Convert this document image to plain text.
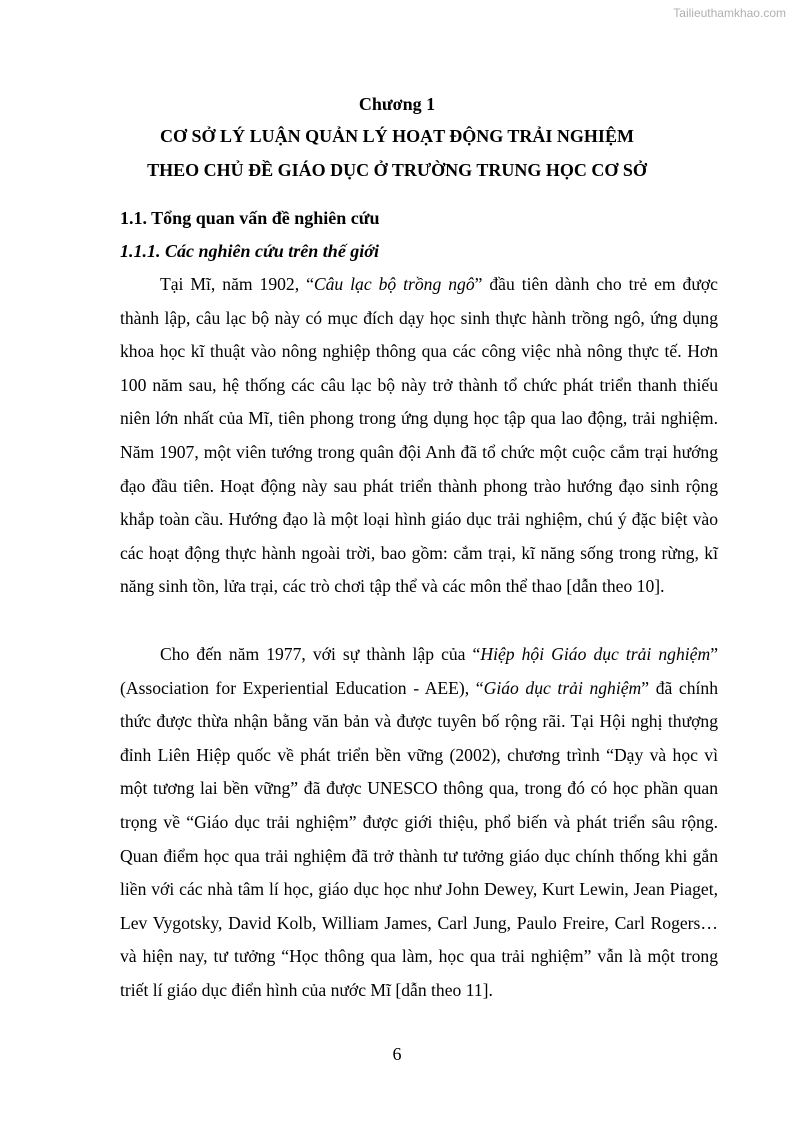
Tailieuthamkhao.com
Chương 1
CƠ SỞ LÝ LUẬN QUẢN LÝ HOẠT ĐỘNG TRẢI NGHIỆM
THEO CHỦ ĐỀ GIÁO DỤC Ở TRƯỜNG TRUNG HỌC CƠ SỞ
1.1. Tổng quan vấn đề nghiên cứu
1.1.1. Các nghiên cứu trên thế giới

Tại Mĩ, năm 1902, “Câu lạc bộ trồng ngô” đầu tiên dành cho trẻ em được thành lập, câu lạc bộ này có mục đích dạy học sinh thực hành trồng ngô, ứng dụng khoa học kĩ thuật vào nông nghiệp thông qua các công việc nhà nông thực tế. Hơn 100 năm sau, hệ thống các câu lạc bộ này trở thành tổ chức phát triển thanh thiếu niên lớn nhất của Mĩ, tiên phong trong ứng dụng học tập qua lao động, trải nghiệm. Năm 1907, một viên tướng trong quân đội Anh đã tổ chức một cuộc cắm trại hướng đạo đầu tiên. Hoạt động này sau phát triển thành phong trào hướng đạo sinh rộng khắp toàn cầu. Hướng đạo là một loại hình giáo dục trải nghiệm, chú ý đặc biệt vào các hoạt động thực hành ngoài trời, bao gồm: cắm trại, kĩ năng sống trong rừng, kĩ năng sinh tồn, lửa trại, các trò chơi tập thể và các môn thể thao [dẫn theo 10].

Cho đến năm 1977, với sự thành lập của “Hiệp hội Giáo dục trải nghiệm” (Association for Experiential Education - AEE), “Giáo dục trải nghiệm” đã chính thức được thừa nhận bằng văn bản và được tuyên bố rộng rãi. Tại Hội nghị thượng đỉnh Liên Hiệp quốc về phát triển bền vững (2002), chương trình “Dạy và học vì một tương lai bền vững” đã được UNESCO thông qua, trong đó có học phần quan trọng về “Giáo dục trải nghiệm” được giới thiệu, phổ biến và phát triển sâu rộng. Quan điểm học qua trải nghiệm đã trở thành tư tưởng giáo dục chính thống khi gắn liền với các nhà tâm lí học, giáo dục học như John Dewey, Kurt Lewin, Jean Piaget, Lev Vygotsky, David Kolb, William James, Carl Jung, Paulo Freire, Carl Rogers… và hiện nay, tư tưởng “Học thông qua làm, học qua trải nghiệm” vẫn là một trong triết lí giáo dục điển hình của nước Mĩ [dẫn theo 11].

6
